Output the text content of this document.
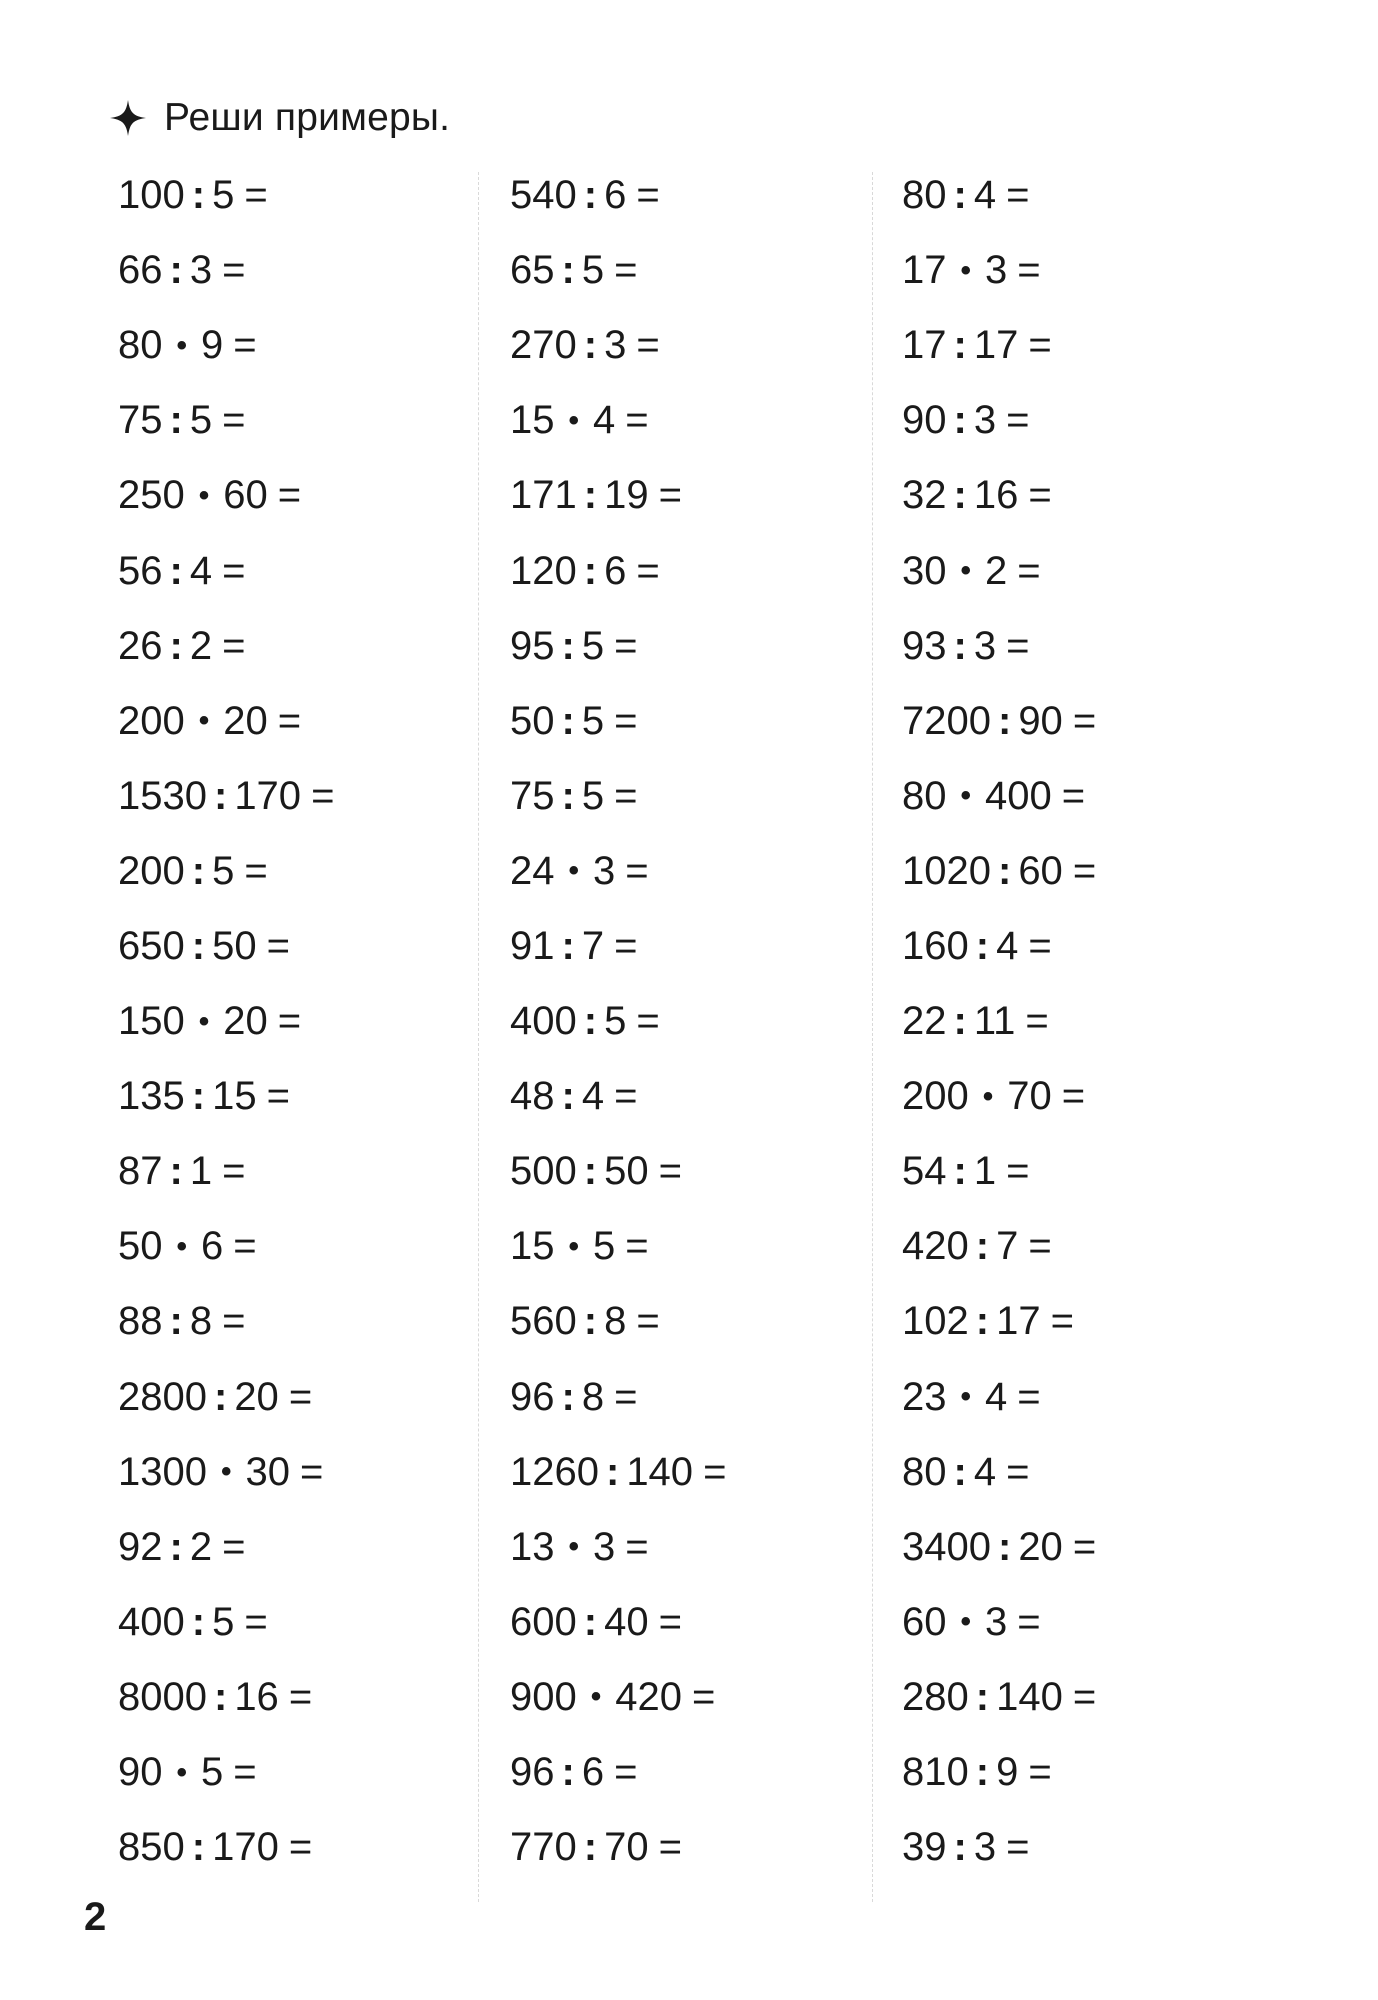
Реши примеры.
100 : 5 =
66 : 3 =
80 • 9 =
75 : 5 =
250 • 60 =
56 : 4 =
26 : 2 =
200 • 20 =
1530 : 170 =
200 : 5 =
650 : 50 =
150 • 20 =
135 : 15 =
87 : 1 =
50 • 6 =
88 : 8 =
2800 : 20 =
1300 • 30 =
92 : 2 =
400 : 5 =
8000 : 16 =
90 • 5 =
850 : 170 =
540 : 6 =
65 : 5 =
270 : 3 =
15 • 4 =
171 : 19 =
120 : 6 =
95 : 5 =
50 : 5 =
75 : 5 =
24 • 3 =
91 : 7 =
400 : 5 =
48 : 4 =
500 : 50 =
15 • 5 =
560 : 8 =
96 : 8 =
1260 : 140 =
13 • 3 =
600 : 40 =
900 • 420 =
96 : 6 =
770 : 70 =
80 : 4 =
17 • 3 =
17 : 17 =
90 : 3 =
32 : 16 =
30 • 2 =
93 : 3 =
7200 : 90 =
80 • 400 =
1020 : 60 =
160 : 4 =
22 : 11 =
200 • 70 =
54 : 1 =
420 : 7 =
102 : 17 =
23 • 4 =
80 : 4 =
3400 : 20 =
60 • 3 =
280 : 140 =
810 : 9 =
39 : 3 =
2
